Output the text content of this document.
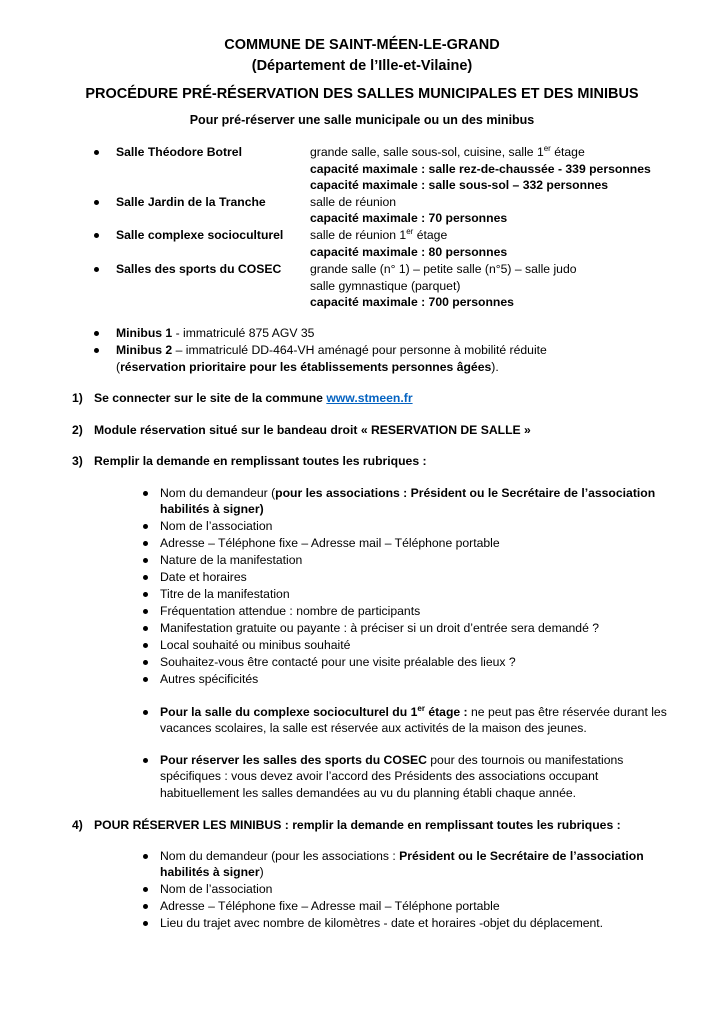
COMMUNE DE SAINT-MÉEN-LE-GRAND
(Département de l’Ille-et-Vilaine)
PROCÉDURE PRÉ-RÉSERVATION DES SALLES MUNICIPALES ET DES MINIBUS
Pour pré-réserver une salle municipale ou un des minibus
Salle Théodore Botrel	grande salle, salle sous-sol, cuisine, salle 1er étage
capacité maximale : salle rez-de-chaussée - 339 personnes
capacité maximale : salle sous-sol – 332 personnes
Salle Jardin de la Tranche	salle de réunion
capacité maximale : 70 personnes
Salle complexe socioculturel salle de réunion 1er étage
capacité maximale : 80 personnes
Salles des sports du COSEC grande salle (n° 1) – petite salle (n°5) – salle judo
salle gymnastique (parquet)
capacité maximale : 700 personnes
Minibus 1 - immatriculé 875 AGV 35
Minibus 2 – immatriculé DD-464-VH aménagé pour personne à mobilité réduite
(réservation prioritaire pour les établissements personnes âgées).
1) Se connecter sur le site de la commune www.stmeen.fr
2) Module réservation situé sur le bandeau droit « RESERVATION DE SALLE »
3) Remplir la demande en remplissant toutes les rubriques :
Nom du demandeur (pour les associations : Président ou le Secrétaire de l’association
habilités à signer)
Nom de l’association
Adresse – Téléphone fixe – Adresse mail – Téléphone portable
Nature de la manifestation
Date et horaires
Titre de la manifestation
Fréquentation attendue : nombre de participants
Manifestation gratuite ou payante : à préciser si un droit d’entrée sera demandé ?
Local souhaité ou minibus souhaité
Souhaitez-vous être contacté pour une visite préalable des lieux ?
Autres spécificités
Pour la salle du complexe socioculturel du 1er étage : ne peut pas être réservée durant les
vacances scolaires, la salle est réservée aux activités de la maison des jeunes.
Pour réserver les salles des sports du COSEC pour des tournois ou manifestations
spécifiques : vous devez avoir l’accord des Présidents des associations occupant
habituellement les salles demandées au vu du planning établi chaque année.
4) POUR RÉSERVER LES MINIBUS : remplir la demande en remplissant toutes les rubriques :
Nom du demandeur (pour les associations : Président ou le Secrétaire de l’association
habilités à signer)
Nom de l’association
Adresse – Téléphone fixe – Adresse mail – Téléphone portable
Lieu du trajet avec nombre de kilomètres - date et horaires -objet du déplacement.
